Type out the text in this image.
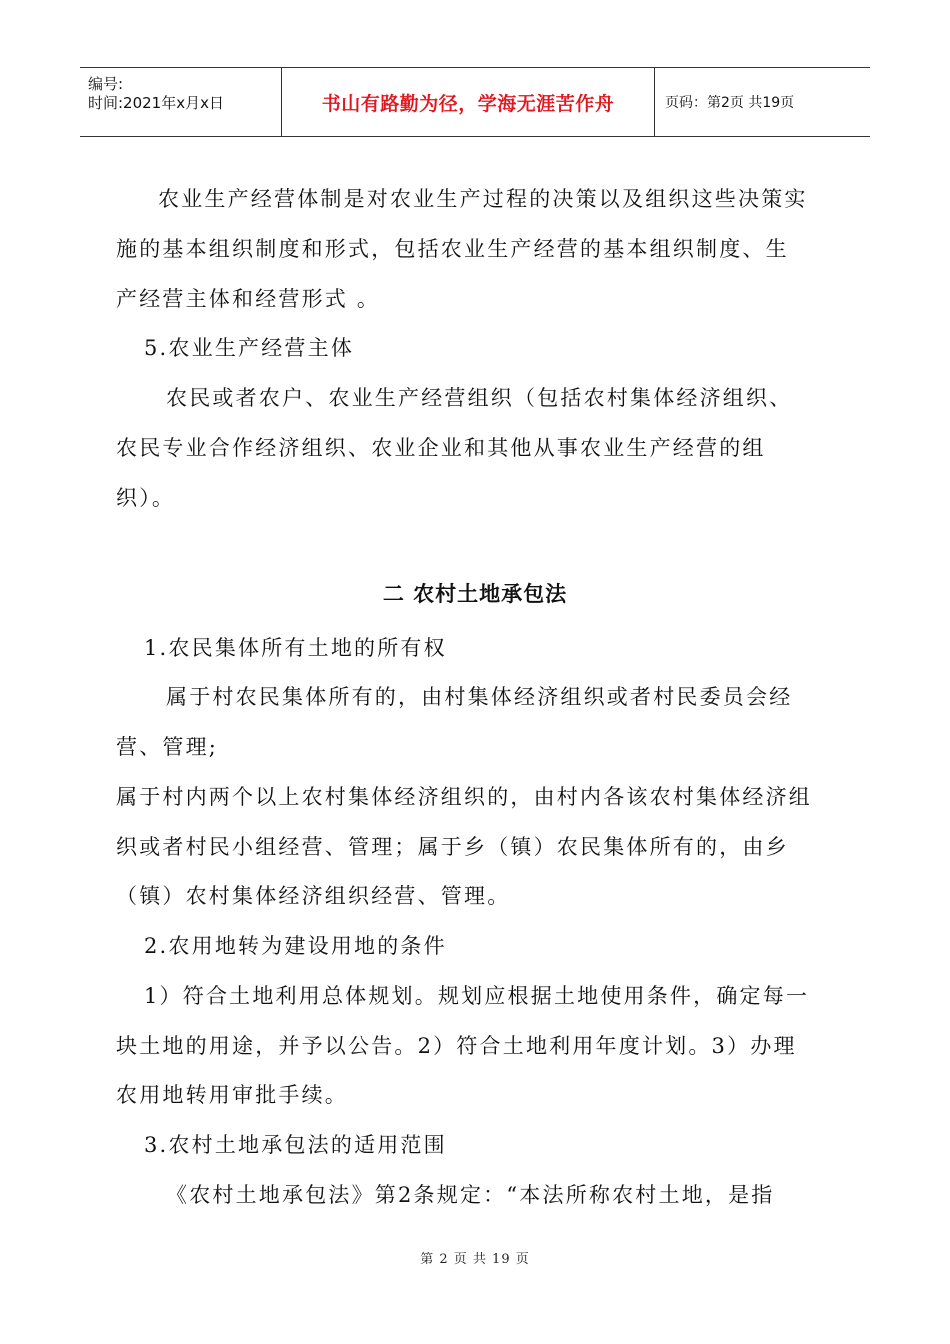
编号:
时间:2021年x月x日	书山有路勤为径，学海无涯苦作舟	页码：第2页 共19页
农业生产经营体制是对农业生产过程的决策以及组织这些决策实
施的基本组织制度和形式，包括农业生产经营的基本组织制度、生
产经营主体和经营形式 。
5.农业生产经营主体
农民或者农户、农业生产经营组织（包括农村集体经济组织、
农民专业合作经济组织、农业企业和其他从事农业生产经营的组
织）。
二 农村土地承包法
1.农民集体所有土地的所有权
属于村农民集体所有的，由村集体经济组织或者村民委员会经
营、管理;
属于村内两个以上农村集体经济组织的，由村内各该农村集体经济组
织或者村民小组经营、管理；属于乡（镇）农民集体所有的，由乡
（镇）农村集体经济组织经营、管理。
2.农用地转为建设用地的条件
1）符合土地利用总体规划。规划应根据土地使用条件，确定每一
块土地的用途，并予以公告。2）符合土地利用年度计划。3）办理
农用地转用审批手续。
3.农村土地承包法的适用范围
《农村土地承包法》第2条规定：“本法所称农村土地，是指
第 2 页 共 19 页
